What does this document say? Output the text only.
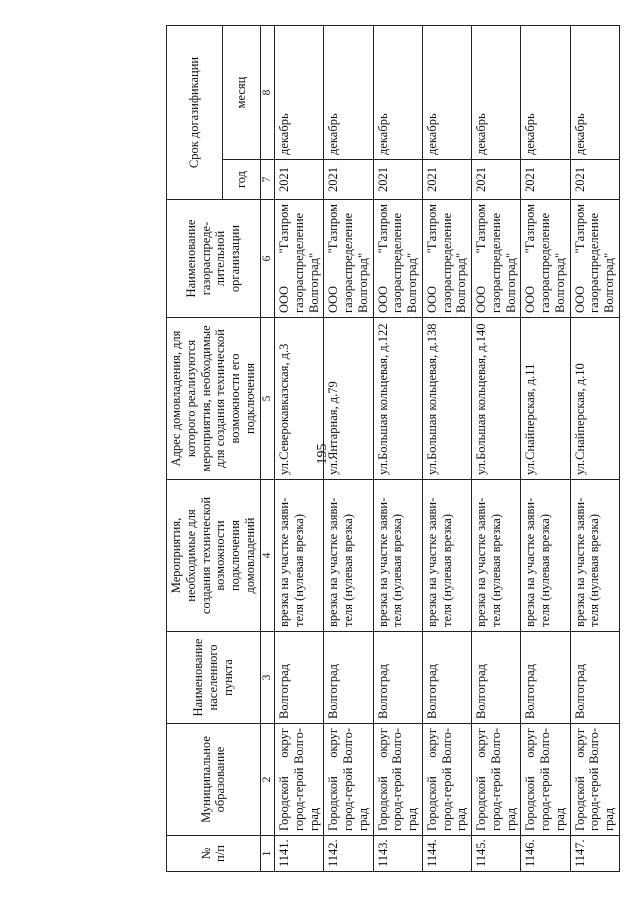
195
№
п/п	Муниципальное образование	Наименование населенного пункта	Мероприятия, необходимые для создания технической возможности подключения домовладений	Адрес домовладения, для которого реализуются мероприятия, необходимые для создания технической возможности его подключения	Наименование газораспреде-лительной организации	Срок догазификации	
						год	месяц
1	2	3	4	5	6	7	8
1141.	Городской округ город-герой Волго-град	Волгоград	врезка на участке заяви-теля (нулевая врезка)	ул.Северокавказская, д.3	ООО "Газпром газораспределение Волгоград"	2021	декабрь
1142.	Городской округ город-герой Волго-град	Волгоград	врезка на участке заяви-теля (нулевая врезка)	ул.Янтарная, д.79	ООО "Газпром газораспределение Волгоград"	2021	декабрь
1143.	Городской округ город-герой Волго-град	Волгоград	врезка на участке заяви-теля (нулевая врезка)	ул.Большая кольцевая, д.122	ООО "Газпром газораспределение Волгоград"	2021	декабрь
1144.	Городской округ город-герой Волго-град	Волгоград	врезка на участке заяви-теля (нулевая врезка)	ул.Большая кольцевая, д.138	ООО "Газпром газораспределение Волгоград"	2021	декабрь
1145.	Городской округ город-герой Волго-град	Волгоград	врезка на участке заяви-теля (нулевая врезка)	ул.Большая кольцевая, д.140	ООО "Газпром газораспределение Волгоград"	2021	декабрь
1146.	Городской округ город-герой Волго-град	Волгоград	врезка на участке заяви-теля (нулевая врезка)	ул.Снайперская, д.11	ООО "Газпром газораспределение Волгоград"	2021	декабрь
1147.	Городской округ город-герой Волго-град	Волгоград	врезка на участке заяви-теля (нулевая врезка)	ул.Снайперская, д.10	ООО "Газпром газораспределение Волгоград"	2021	декабрь
